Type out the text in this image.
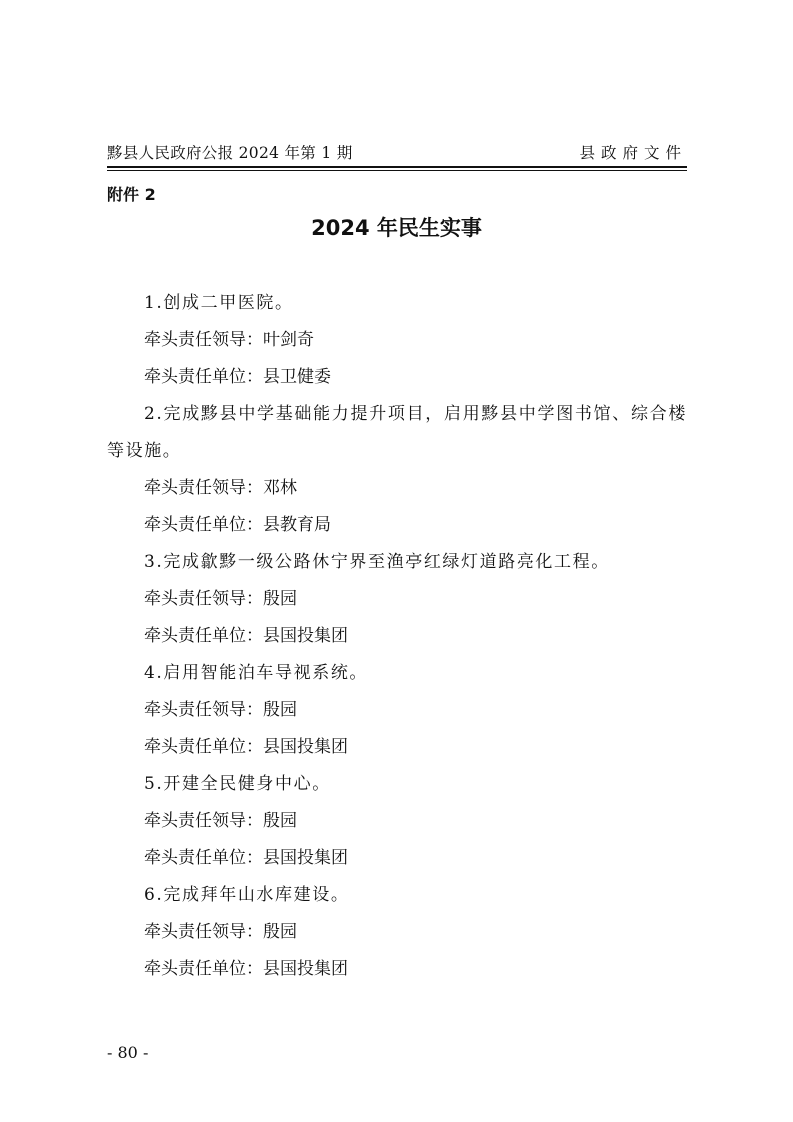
黟县人民政府公报 2024 年第 1 期	县政府文件
附件 2
2024 年民生实事
1.创成二甲医院。
牵头责任领导：叶剑奇
牵头责任单位：县卫健委
2.完成黟县中学基础能力提升项目，启用黟县中学图书馆、综合楼
等设施。
牵头责任领导：邓林
牵头责任单位：县教育局
3.完成歙黟一级公路休宁界至渔亭红绿灯道路亮化工程。
牵头责任领导：殷园
牵头责任单位：县国投集团
4.启用智能泊车导视系统。
牵头责任领导：殷园
牵头责任单位：县国投集团
5.开建全民健身中心。
牵头责任领导：殷园
牵头责任单位：县国投集团
6.完成拜年山水库建设。
牵头责任领导：殷园
牵头责任单位：县国投集团
- 80 -
